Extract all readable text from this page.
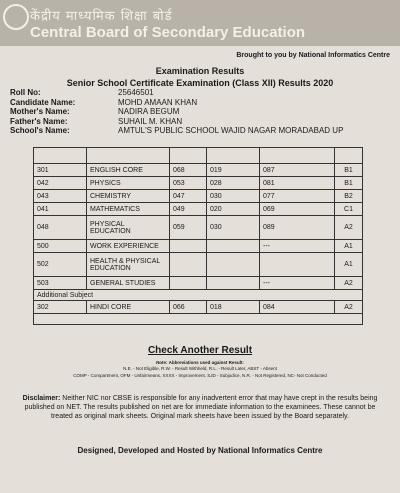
केंद्रीय माध्यमिक शिक्षा बोर्ड
Central Board of Secondary Education
Brought to you by National Informatics Centre
Examination Results
Senior School Certificate Examination (Class XII) Results 2020
Roll No:	25646501
Candidate Name:	MOHD AMAAN KHAN
Mother's Name:	NADIRA BEGUM
Father's Name:	SUHAIL M. KHAN
School's Name:	AMTUL'S PUBLIC SCHOOL WAJID NAGAR MORADABAD UP

301	ENGLISH CORE	068	019	087	B1
042	PHYSICS	053	028	081	B1
043	CHEMISTRY	047	030	077	B2
041	MATHEMATICS	049	020	069	C1
048	PHYSICAL EDUCATION	059	030	089	A2
500	WORK EXPERIENCE			---	A1
502	HEALTH & PHYSICAL EDUCATION				A1
503	GENERAL STUDIES			---	A2
Additional Subject					
302	HINDI CORE	066	018	084	A2

Check Another Result
Note: Abbreviations used against Result:
N.E. - Not Eligible, R.W. - Result Withheld, R.L. - Result Later, ABST - Absent
COMP - Compartment, OFM - Unfairmeans, XXXX - Improvement, SJD - Subjudice, N.R. - Not Registered, NC- Not Conducted
Disclaimer: Neither NIC nor CBSE is responsible for any inadvertent error that may have crept in the results being published on NET. The results published on net are for immediate information to the examinees. These cannot be treated as original mark sheets. Original mark sheets have been issued by the Board separately.
Designed, Developed and Hosted by National Informatics Centre
